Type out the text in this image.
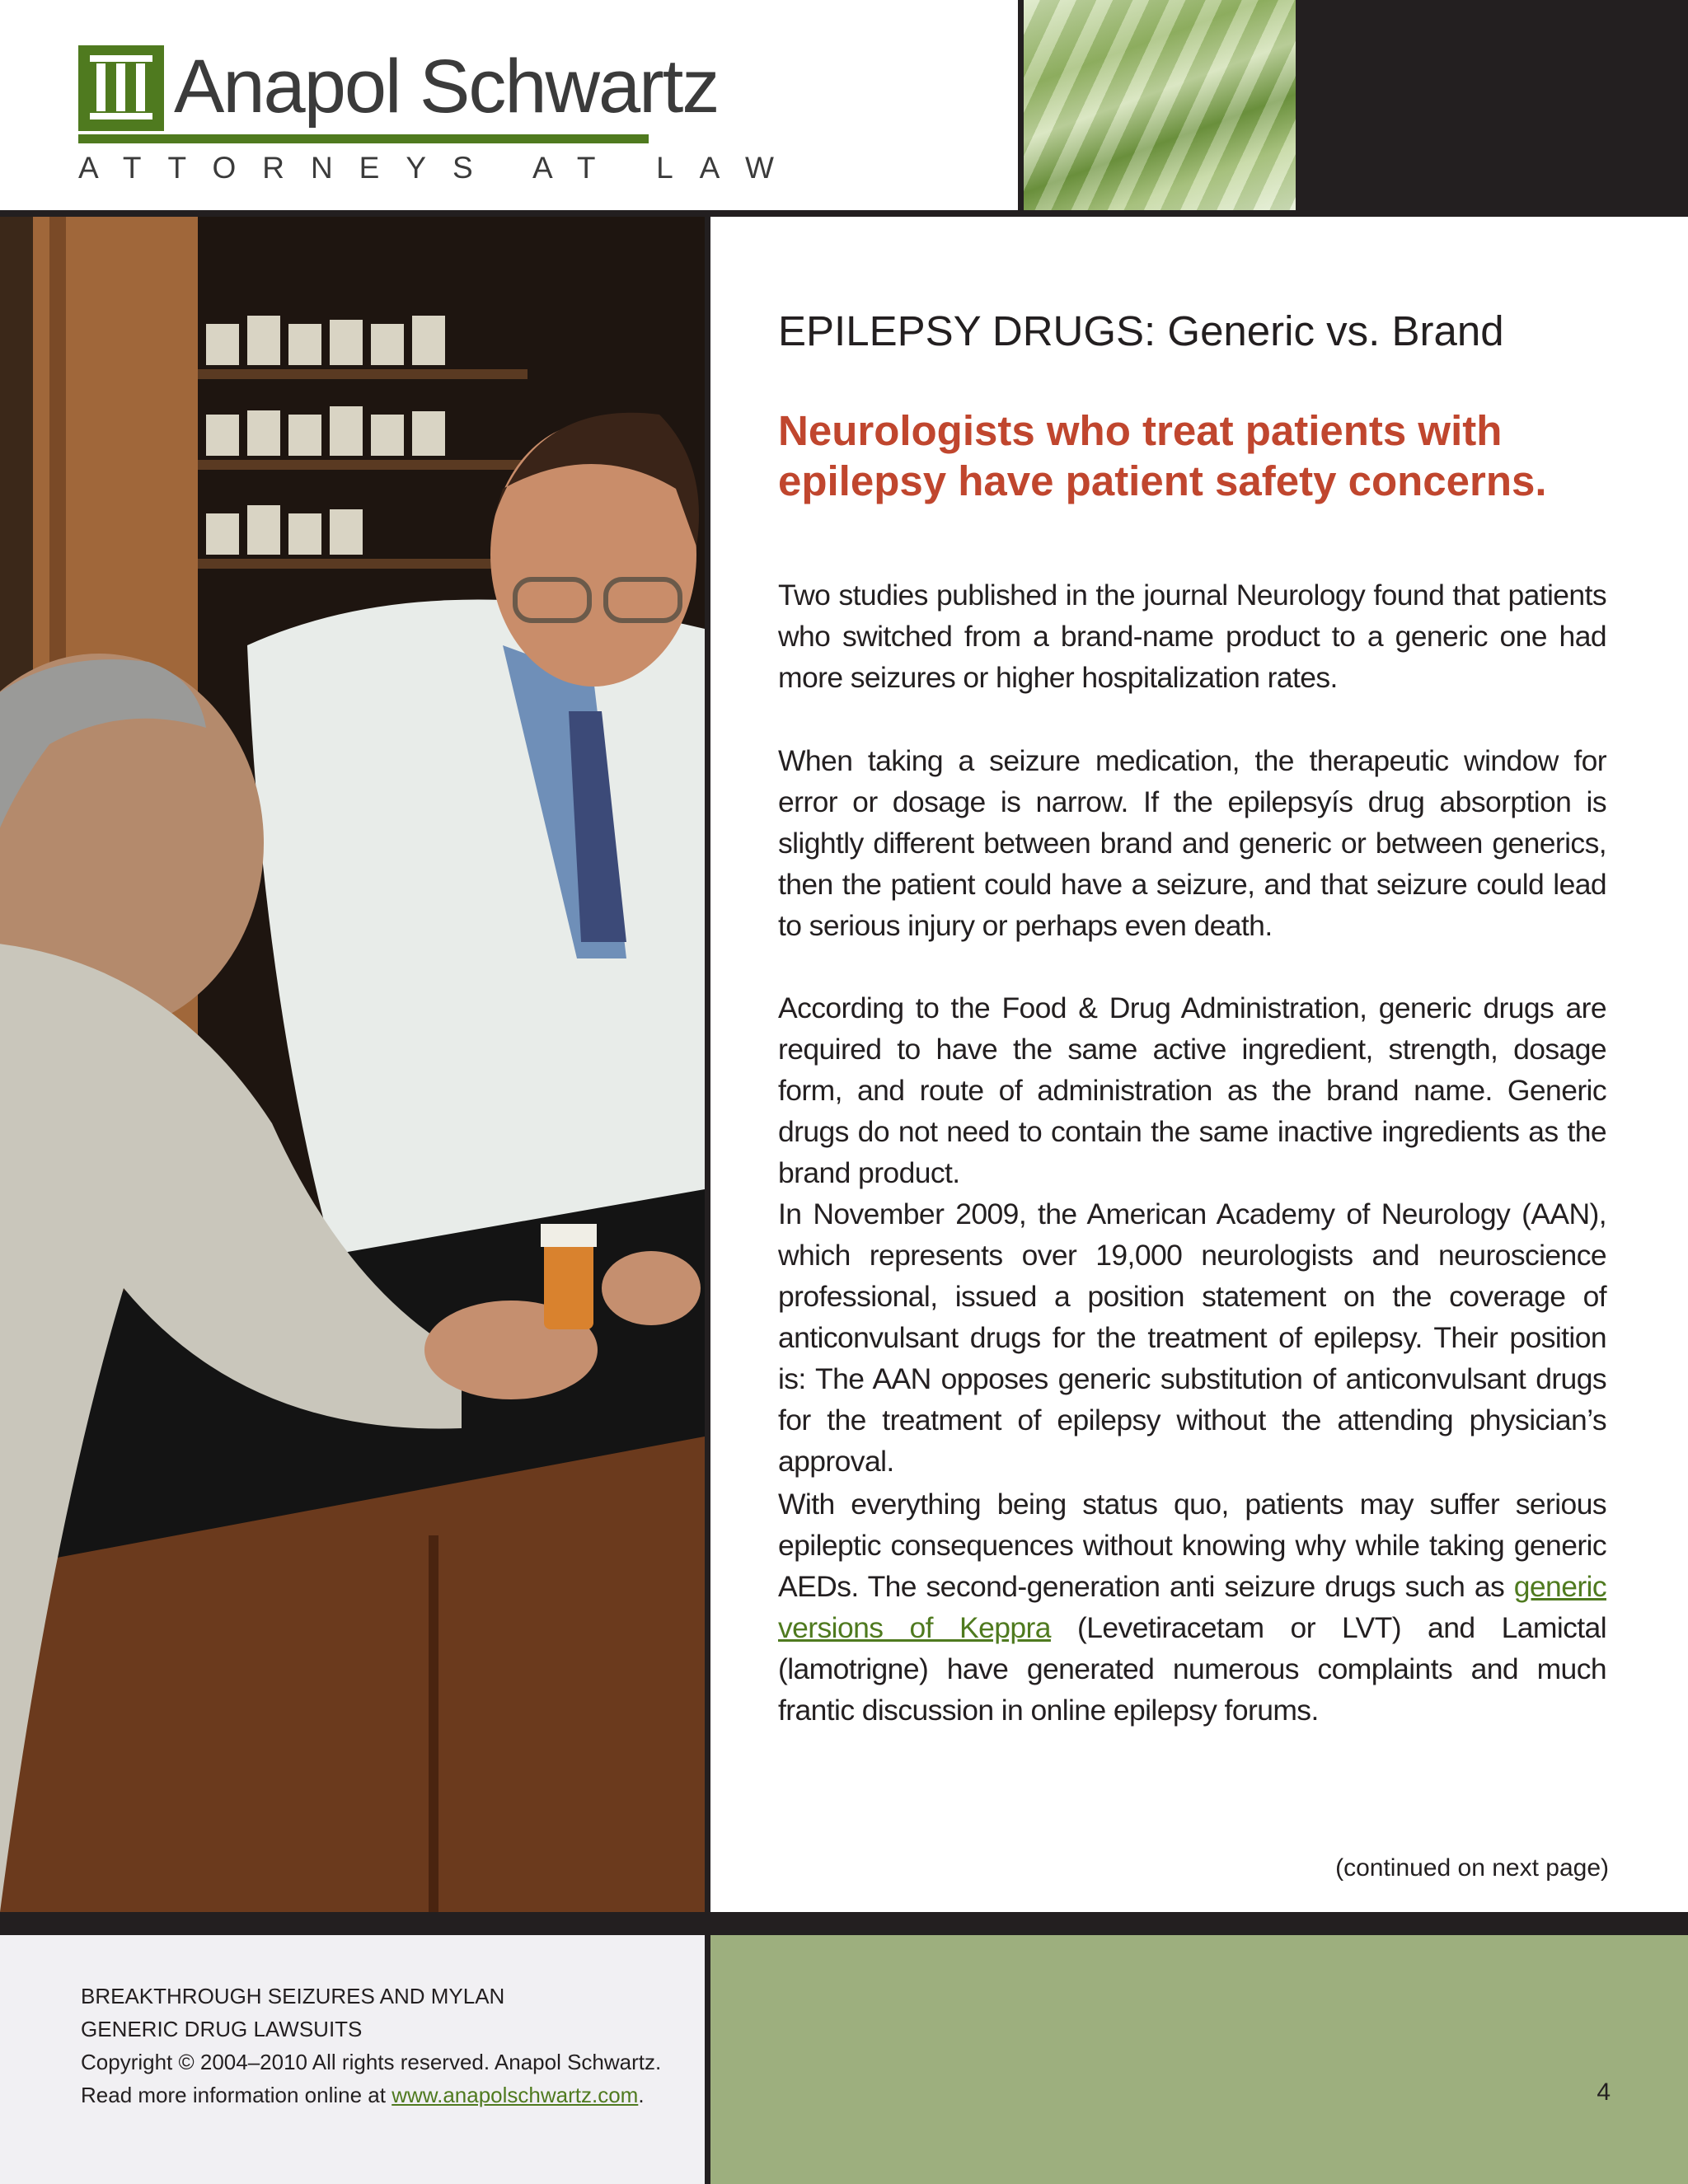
Anapol Schwartz
ATTORNEYS AT LAW
EPILEPSY DRUGS: Generic vs. Brand
Neurologists who treat patients with epilepsy have patient safety concerns.

Two studies published in the journal Neurology found that patients who switched from a brand-name product to a generic one had more seizures or higher hospitalization rates.

When taking a seizure medication, the therapeutic window for error or dosage is narrow. If the epilepsyís drug absorption is slightly different between brand and generic or between generics, then the patient could have a seizure, and that seizure could lead to serious injury or perhaps even death.

According to the Food & Drug Administration, generic drugs are required to have the same active ingredient, strength, dosage form, and route of administration as the brand name. Generic drugs do not need to contain the same inactive ingredients as the brand product.

In November 2009, the American Academy of Neurology (AAN), which represents over 19,000 neurologists and neuroscience professional, issued a position statement on the coverage of anticonvulsant drugs for the treatment of epilepsy. Their position is: The AAN opposes generic substitution of anticonvulsant drugs for the treatment of epilepsy without the attending physician’s approval.

With everything being status quo, patients may suffer serious epileptic consequences without knowing why while taking generic AEDs. The second-generation anti seizure drugs such as generic versions of Keppra (Levetiracetam or LVT) and Lamictal (lamotrigne) have generated numerous complaints and much frantic discussion in online epilepsy forums.

(continued on next page)
BREAKTHROUGH SEIZURES AND MYLAN
GENERIC DRUG LAWSUITS
Copyright © 2004–2010 All rights reserved. Anapol Schwartz.
Read more information online at www.anapolschwartz.com.	4
